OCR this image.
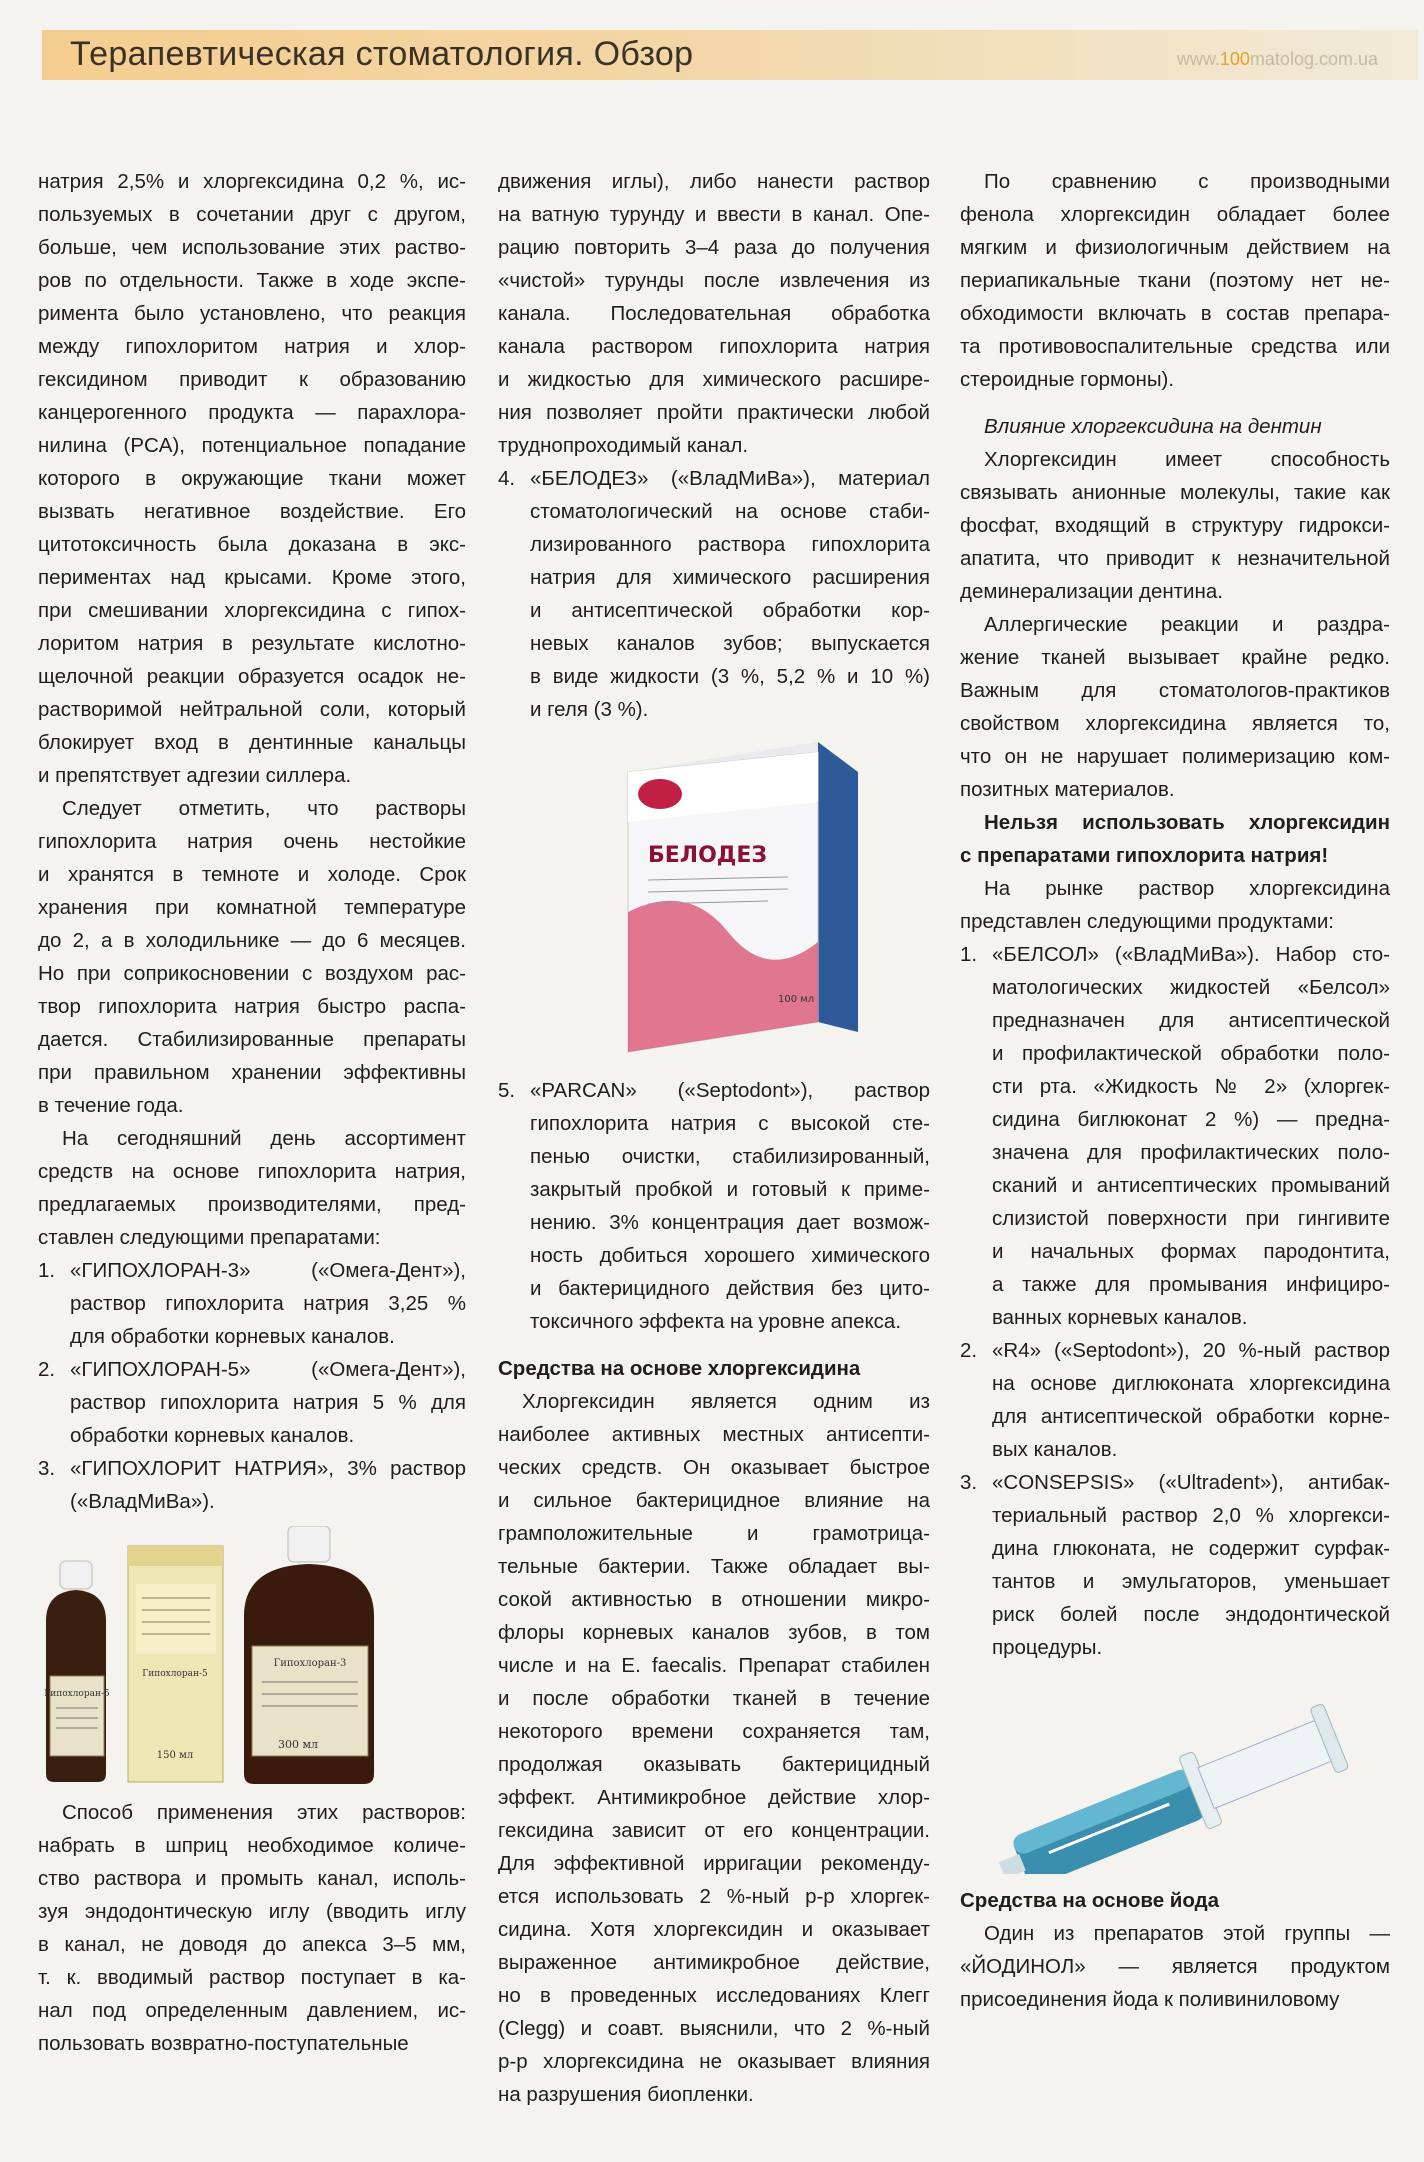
Терапевтическая стоматология. Обзор	www.100matolog.com.ua
натрия 2,5% и хлоргексидина 0,2 %, ис-
пользуемых в сочетании друг с другом,
больше, чем использование этих раство-
ров по отдельности. Также в ходе экспе-
римента было установлено, что реакция
между гипохлоритом натрия и хлор-
гексидином приводит к образованию
канцерогенного продукта — парахлора-
нилина (PCA), потенциальное попадание
которого в окружающие ткани может
вызвать негативное воздействие. Его
цитотоксичность была доказана в экс-
периментах над крысами. Кроме этого,
при смешивании хлоргексидина с гипох-
лоритом натрия в результате кислотно-
щелочной реакции образуется осадок не-
растворимой нейтральной соли, который
блокирует вход в дентинные канальцы
и препятствует адгезии силлера.
Следует отметить, что растворы
гипохлорита натрия очень нестойкие
и хранятся в темноте и холоде. Срок
хранения при комнатной температуре
до 2, а в холодильнике — до 6 месяцев.
Но при соприкосновении с воздухом рас-
твор гипохлорита натрия быстро распа-
дается. Стабилизированные препараты
при правильном хранении эффективны
в течение года.
На сегодняшний день ассортимент
средств на основе гипохлорита натрия,
предлагаемых производителями, пред-
ставлен следующими препаратами:
1. «ГИПОХЛОРАН-3» («Омега-Дент»),
раствор гипохлорита натрия 3,25 %
для обработки корневых каналов.
2. «ГИПОХЛОРАН-5» («Омега-Дент»),
раствор гипохлорита натрия 5 % для
обработки корневых каналов.
3. «ГИПОХЛОРИТ НАТРИЯ», 3% раствор
(«ВладМиВа»).
Гипохлоран-5
Гипохлоран-5
150 мл
Гипохлоран-3
300 мл
Способ применения этих растворов:
набрать в шприц необходимое количе-
ство раствора и промыть канал, исполь-
зуя эндодонтическую иглу (вводить иглу
в канал, не доводя до апекса 3–5 мм,
т. к. вводимый раствор поступает в ка-
нал под определенным давлением, ис-
пользовать возвратно-поступательные
движения иглы), либо нанести раствор
на ватную турунду и ввести в канал. Опе-
рацию повторить 3–4 раза до получения
«чистой» турунды после извлечения из
канала. Последовательная обработка
канала раствором гипохлорита натрия
и жидкостью для химического расшире-
ния позволяет пройти практически любой
труднопроходимый канал.
4. «БЕЛОДЕЗ» («ВладМиВа»), материал
стоматологический на основе стаби-
лизированного раствора гипохлорита
натрия для химического расширения
и антисептической обработки кор-
невых каналов зубов; выпускается
в виде жидкости (3 %, 5,2 % и 10 %)
и геля (3 %).
БЕЛОДЕЗ
100 мл
5. «PARCAN» («Septodont»), раствор
гипохлорита натрия с высокой сте-
пенью очистки, стабилизированный,
закрытый пробкой и готовый к приме-
нению. 3% концентрация дает возмож-
ность добиться хорошего химического
и бактерицидного действия без цито-
токсичного эффекта на уровне апекса.

Средства на основе хлоргексидина

Хлоргексидин является одним из
наиболее активных местных антисепти-
ческих средств. Он оказывает быстрое
и сильное бактерицидное влияние на
грамположительные и грамотрица-
тельные бактерии. Также обладает вы-
сокой активностью в отношении микро-
флоры корневых каналов зубов, в том
числе и на E. faecalis. Препарат стабилен
и после обработки тканей в течение
некоторого времени сохраняется там,
продолжая оказывать бактерицидный
эффект. Антимикробное действие хлор-
гексидина зависит от его концентрации.
Для эффективной ирригации рекоменду-
ется использовать 2 %-ный р-р хлоргек-
сидина. Хотя хлоргексидин и оказывает
выраженное антимикробное действие,
но в проведенных исследованиях Клегг
(Clegg) и соавт. выяснили, что 2 %-ный
р-р хлоргексидина не оказывает влияния
на разрушения биопленки.
По сравнению с производными
фенола хлоргексидин обладает более
мягким и физиологичным действием на
периапикальные ткани (поэтому нет не-
обходимости включать в состав препара-
та противовоспалительные средства или
стероидные гормоны).

Влияние хлоргексидина на дентин

Хлоргексидин имеет способность
связывать анионные молекулы, такие как
фосфат, входящий в структуру гидрокси-
апатита, что приводит к незначительной
деминерализации дентина.
Аллергические реакции и раздра-
жение тканей вызывает крайне редко.
Важным для стоматологов-практиков
свойством хлоргексидина является то,
что он не нарушает полимеризацию ком-
позитных материалов.
Нельзя использовать хлоргексидин
с препаратами гипохлорита натрия!
На рынке раствор хлоргексидина
представлен следующими продуктами:
1. «БЕЛСОЛ» («ВладМиВа»). Набор сто-
матологических жидкостей «Белсол»
предназначен для антисептической
и профилактической обработки поло-
сти рта. «Жидкость № 2» (хлоргек-
сидина биглюконат 2 %) — предна-
значена для профилактических поло-
сканий и антисептических промываний
слизистой поверхности при гингивите
и начальных формах пародонтита,
а также для промывания инфициро-
ванных корневых каналов.
2. «R4» («Septodont»), 20 %-ный раствор
на основе диглюконата хлоргексидина
для антисептической обработки корне-
вых каналов.
3. «CONSEPSIS» («Ultradent»), антибак-
териальный раствор 2,0 % хлоргекси-
дина глюконата, не содержит сурфак-
тантов и эмульгаторов, уменьшает
риск болей после эндодонтической
процедуры.

Средства на основе йода

Один из препаратов этой группы —
«ЙОДИНОЛ» — является продуктом
присоединения йода к поливиниловому
